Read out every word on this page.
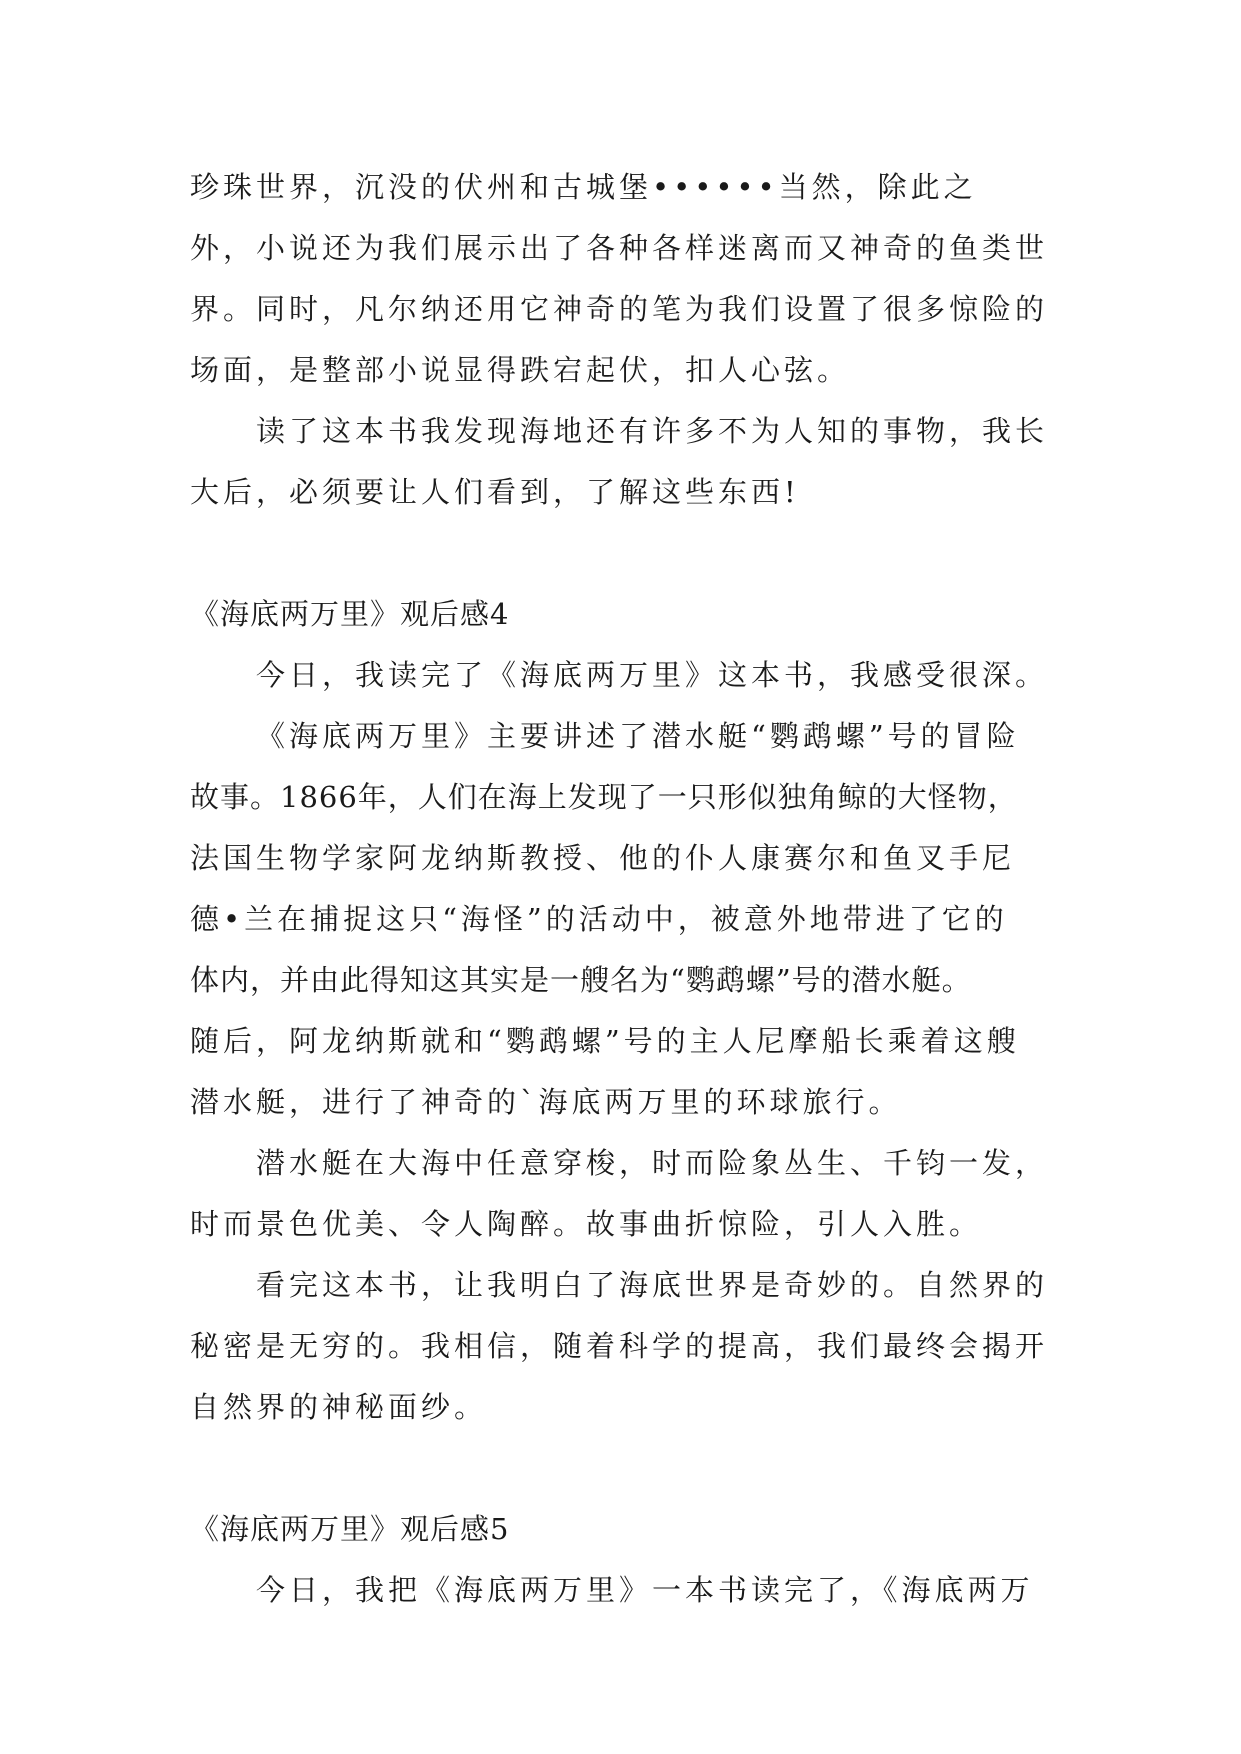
珍珠世界，沉没的伏州和古城堡••••••当然，除此之
外，小说还为我们展示出了各种各样迷离而又神奇的鱼类世
界。同时，凡尔纳还用它神奇的笔为我们设置了很多惊险的
场面，是整部小说显得跌宕起伏，扣人心弦。
读了这本书我发现海地还有许多不为人知的事物，我长
大后，必须要让人们看到，了解这些东西!
《海底两万里》观后感4
今日，我读完了《海底两万里》这本书，我感受很深。
《海底两万里》主要讲述了潜水艇“鹦鹉螺”号的冒险
故事。1866年，人们在海上发现了一只形似独角鲸的大怪物，
法国生物学家阿龙纳斯教授、他的仆人康赛尔和鱼叉手尼
德•兰在捕捉这只“海怪”的活动中，被意外地带进了它的
体内，并由此得知这其实是一艘名为“鹦鹉螺”号的潜水艇。
随后，阿龙纳斯就和“鹦鹉螺”号的主人尼摩船长乘着这艘
潜水艇，进行了神奇的`海底两万里的环球旅行。
潜水艇在大海中任意穿梭，时而险象丛生、千钧一发，
时而景色优美、令人陶醉。故事曲折惊险，引人入胜。
看完这本书，让我明白了海底世界是奇妙的。自然界的
秘密是无穷的。我相信，随着科学的提高，我们最终会揭开
自然界的神秘面纱。
《海底两万里》观后感5
今日，我把《海底两万里》一本书读完了，《海底两万
